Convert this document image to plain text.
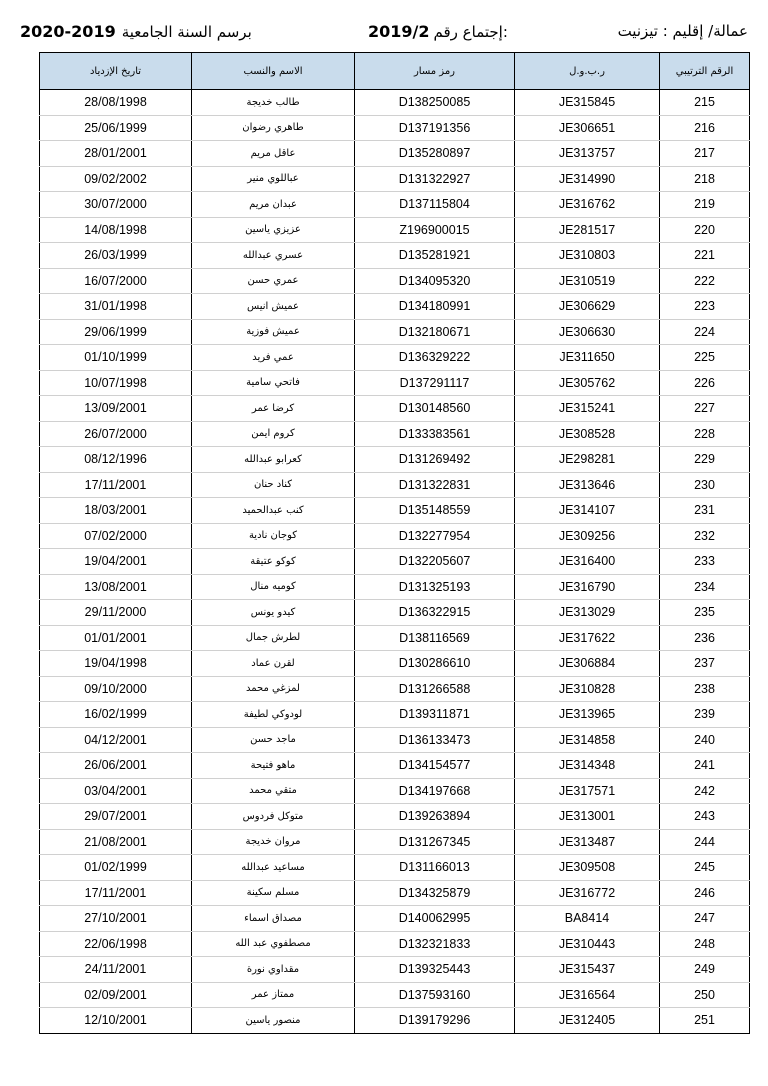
2020-2019 برسم السنة الجامعية	2019/2 إجتماع رقم:	عمالة/ إقليم : تيزنيت
تاريخ الإزدياد	الاسم والنسب	رمز مسار	ر.ب.و.ل	الرقم الترتيبي
28/08/1998	طالب خديجة	D138250085	JE315845	215
25/06/1999	طاهري رضوان	D137191356	JE306651	216
28/01/2001	عاقل مريم	D135280897	JE313757	217
09/02/2002	عباللوي منير	D131322927	JE314990	218
30/07/2000	عبدان مريم	D137115804	JE316762	219
14/08/1998	عزيزي ياسين	Z196900015	JE281517	220
26/03/1999	عسري عبدالله	D135281921	JE310803	221
16/07/2000	عمري حسن	D134095320	JE310519	222
31/01/1998	عميش انيس	D134180991	JE306629	223
29/06/1999	عميش فوزية	D132180671	JE306630	224
01/10/1999	عمي فريد	D136329222	JE311650	225
10/07/1998	فاتحي سامية	D137291117	JE305762	226
13/09/2001	كرضا عمر	D130148560	JE315241	227
26/07/2000	كروم ايمن	D133383561	JE308528	228
08/12/1996	كعرابو عبدالله	D131269492	JE298281	229
17/11/2001	كناد حنان	D131322831	JE313646	230
18/03/2001	كنب عبدالحميد	D135148559	JE314107	231
07/02/2000	كوجان نادية	D132277954	JE309256	232
19/04/2001	كوكو عتيقة	D132205607	JE316400	233
13/08/2001	كوميه منال	D131325193	JE316790	234
29/11/2000	كيدو يونس	D136322915	JE313029	235
01/01/2001	لطرش جمال	D138116569	JE317622	236
19/04/1998	لقرن عماد	D130286610	JE306884	237
09/10/2000	لمزغي محمد	D131266588	JE310828	238
16/02/1999	لودوكي لطيفة	D139311871	JE313965	239
04/12/2001	ماجد حسن	D136133473	JE314858	240
26/06/2001	ماهو فتيحة	D134154577	JE314348	241
03/04/2001	متقي محمد	D134197668	JE317571	242
29/07/2001	متوكل فردوس	D139263894	JE313001	243
21/08/2001	مروان خديجة	D131267345	JE313487	244
01/02/1999	مساعيد عبدالله	D131166013	JE309508	245
17/11/2001	مسلم سكينة	D134325879	JE316772	246
27/10/2001	مصداق اسماء	D140062995	BA8414	247
22/06/1998	مصطفوي عبد الله	D132321833	JE310443	248
24/11/2001	مقداوي نورة	D139325443	JE315437	249
02/09/2001	ممتاز عمر	D137593160	JE316564	250
12/10/2001	منصور ياسين	D139179296	JE312405	251
